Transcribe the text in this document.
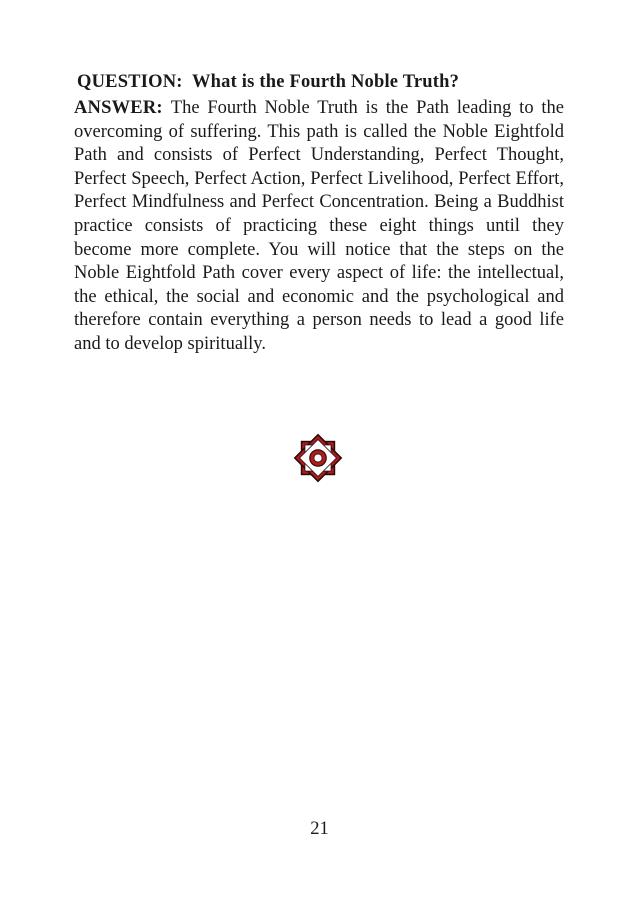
QUESTION: What is the Fourth Noble Truth?

ANSWER: The Fourth Noble Truth is the Path leading to the overcoming of suffering. This path is called the Noble Eightfold Path and consists of Perfect Understanding, Perfect Thought, Perfect Speech, Perfect Action, Perfect Livelihood, Perfect Effort, Perfect Mindfulness and Perfect Concentration. Being a Buddhist practice consists of practicing these eight things until they become more complete. You will notice that the steps on the Noble Eightfold Path cover every aspect of life: the intellectual, the ethical, the social and economic and the psychological and therefore contain everything a person needs to lead a good life and to develop spiritually.

21
